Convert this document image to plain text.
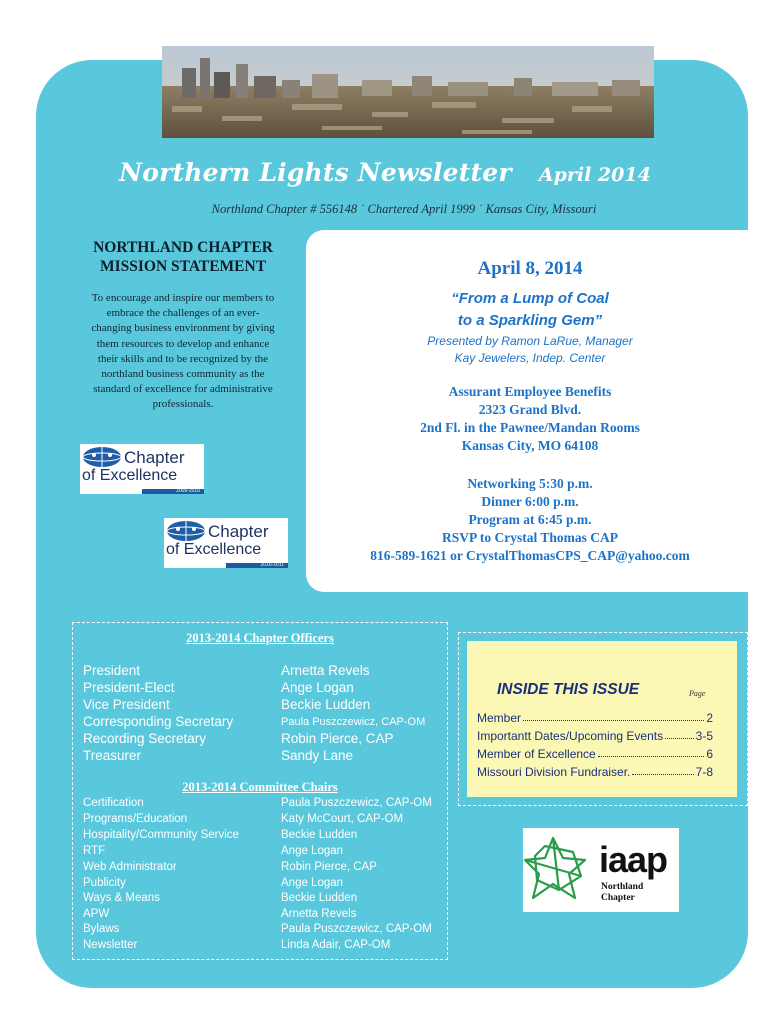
Northern Lights Newsletter April 2014
Northland Chapter # 556148 ˙ Chartered April 1999 ˙ Kansas City, Missouri
NORTHLAND CHAPTER
MISSION STATEMENT
To encourage and inspire our members to
embrace the challenges of an ever-
changing business environment by giving
them resources to develop and enhance
their skills and to be recognized by the
northland business community as the
standard of excellence for administrative
professionals.
Chapter
of Excellence
2009-2010
Chapter
of Excellence
2010-2011
April 8, 2014
“From a Lump of Coal
to a Sparkling Gem”
Presented by Ramon LaRue, Manager
Kay Jewelers, Indep. Center
Assurant Employee Benefits
2323 Grand Blvd.
2nd Fl. in the Pawnee/Mandan Rooms
Kansas City, MO 64108
Networking 5:30 p.m.
Dinner 6:00 p.m.
Program at 6:45 p.m.
RSVP to Crystal Thomas CAP
816-589-1621 or CrystalThomasCPS_CAP@yahoo.com
2013-2014 Chapter Officers
President	Arnetta Revels
President-Elect	Ange Logan
Vice President	Beckie Ludden
Corresponding Secretary	Paula Puszczewicz, CAP-OM
Recording Secretary	Robin Pierce, CAP
Treasurer	Sandy Lane
2013-2014 Committee Chairs
Certification	Paula Puszczewicz, CAP-OM
Programs/Education	Katy McCourt, CAP-OM
Hospitality/Community Service	Beckie Ludden
RTF	Ange Logan
Web Administrator	Robin Pierce, CAP
Publicity	Ange Logan
Ways & Means	Beckie Ludden
APW	Arnetta Revels
Bylaws	Paula Puszczewicz, CAP-OM
Newsletter	Linda Adair, CAP-OM
INSIDE THIS ISSUE	Page
Member	2
Importantt Dates/Upcoming Events	3-5
Member of Excellence	6
Missouri Division Fundraiser.	7-8
iaap
Northland
Chapter
